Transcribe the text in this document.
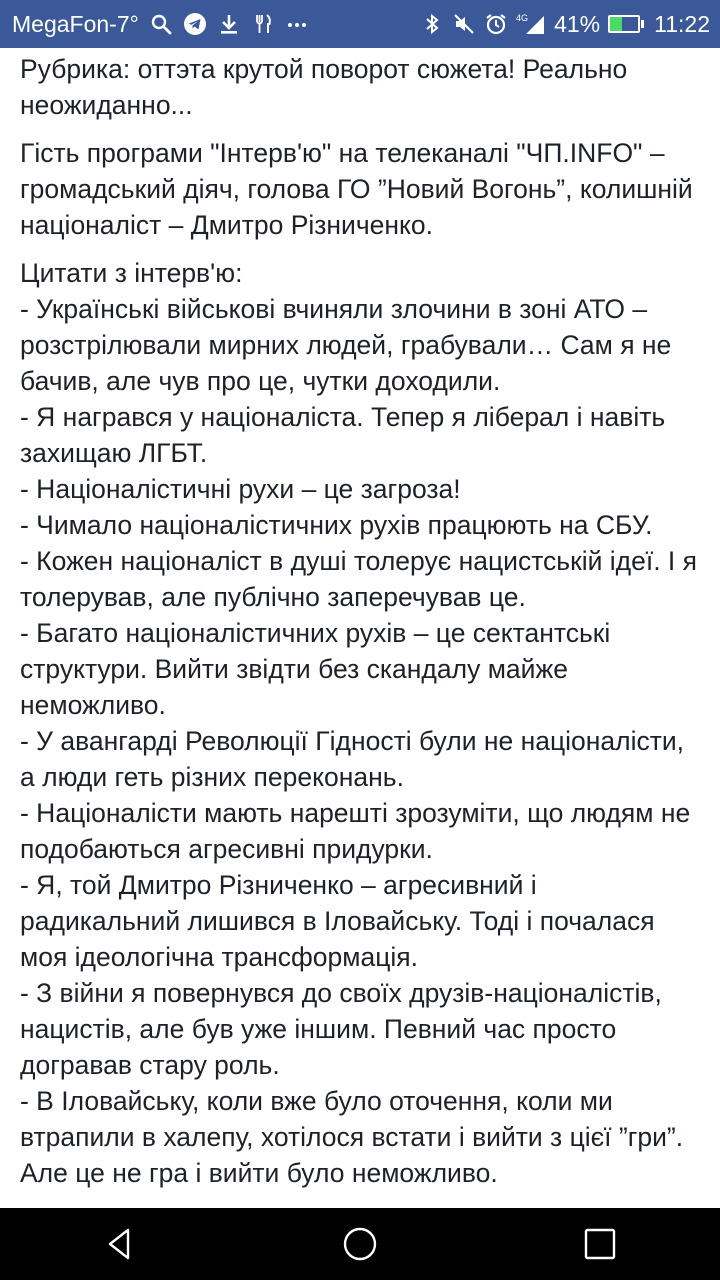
MegaFon-7°	4G 41% 11:22

Рубрика: оттэта крутой поворот сюжета! Реально неожиданно...

Гість програми "Інтерв'ю" на телеканалі "ЧП.INFO" – громадський діяч, голова ГО ”Новий Вогонь”, колишній націоналіст – Дмитро Різниченко.

Цитати з інтерв'ю:
- Українські військові вчиняли злочини в зоні АТО – розстрілювали мирних людей, грабували… Сам я не бачив, але чув про це, чутки доходили.
- Я награвся у націоналіста. Тепер я ліберал і навіть захищаю ЛГБТ.
- Націоналістичні рухи – це загроза!
- Чимало націоналістичних рухів працюють на СБУ.
- Кожен націоналіст в душі толерує нацистськiй ідеї. І я толерував, але публічно заперечував це.
- Багато націоналістичних рухів – це сектантські структури. Вийти звідти без скандалу майже неможливо.
- У авангарді Революції Гідності були не націоналісти, а люди геть різних переконань.
- Націоналісти мають нарешті зрозуміти, що людям не
подобаються агресивні придурки.
- Я, той Дмитро Різниченко – агресивний і радикальний лишився в Іловайську. Тоді і почалася моя ідеологічна трансформація.
- З війни я повернувся до своїх друзів-націоналістів, нацистів, але був уже іншим. Певний час просто догравав стару роль.
- В Іловайську, коли вже було оточення, коли ми втрапили в халепу, хотілося встати і вийти з цієї ”гри”. Але це не гра і вийти було неможливо.
